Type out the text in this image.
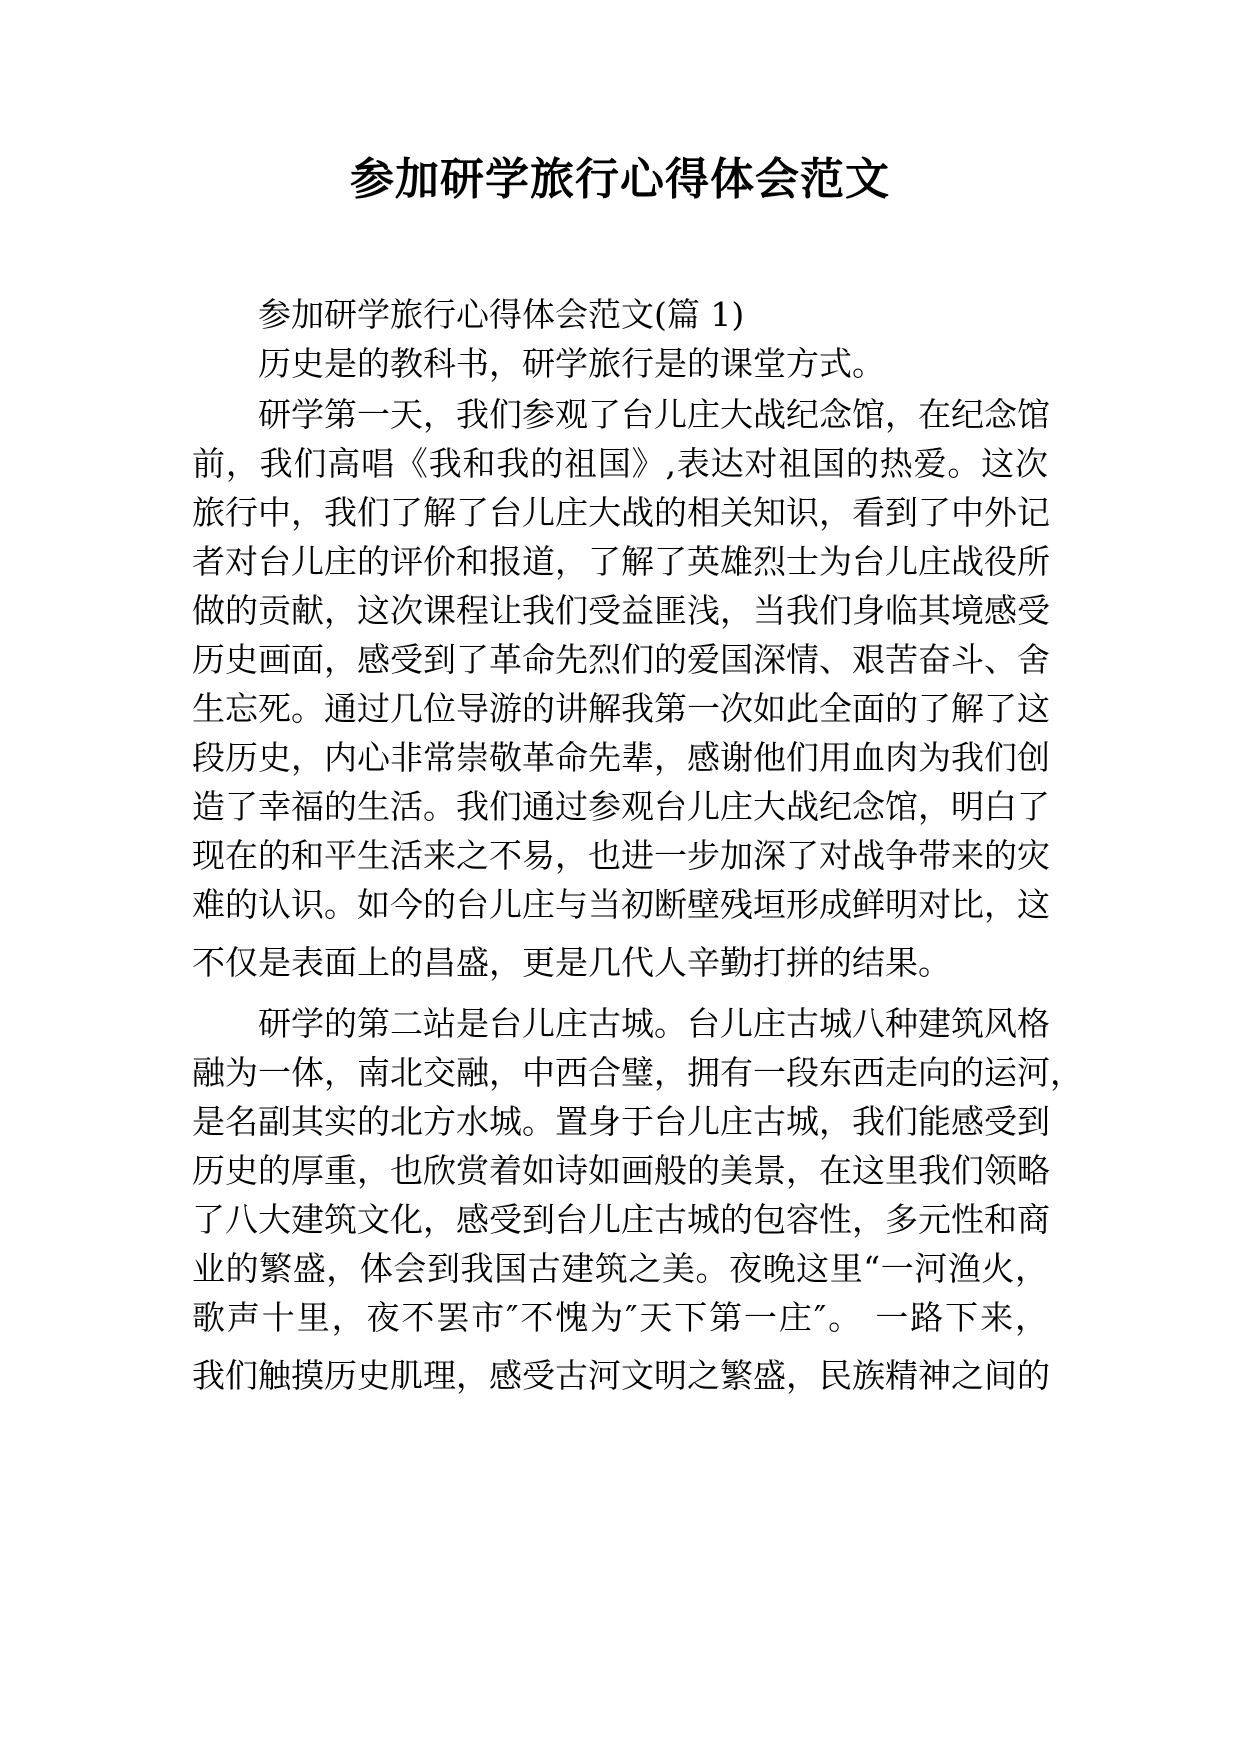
参加研学旅行心得体会范文
参加研学旅行心得体会范文(篇 1)
历史是的教科书，研学旅行是的课堂方式。
研学第一天，我们参观了台儿庄大战纪念馆，在纪念馆
前，我们高唱《我和我的祖国》,表达对祖国的热爱。这次
旅行中，我们了解了台儿庄大战的相关知识，看到了中外记
者对台儿庄的评价和报道，了解了英雄烈士为台儿庄战役所
做的贡献，这次课程让我们受益匪浅，当我们身临其境感受
历史画面，感受到了革命先烈们的爱国深情、艰苦奋斗、舍
生忘死。通过几位导游的讲解我第一次如此全面的了解了这
段历史，内心非常崇敬革命先辈，感谢他们用血肉为我们创
造了幸福的生活。我们通过参观台儿庄大战纪念馆，明白了
现在的和平生活来之不易，也进一步加深了对战争带来的灾
难的认识。如今的台儿庄与当初断壁残垣形成鲜明对比，这
不仅是表面上的昌盛，更是几代人辛勤打拼的结果。
研学的第二站是台儿庄古城。台儿庄古城八种建筑风格
融为一体，南北交融，中西合璧，拥有一段东西走向的运河，
是名副其实的北方水城。置身于台儿庄古城，我们能感受到
历史的厚重，也欣赏着如诗如画般的美景，在这里我们领略
了八大建筑文化，感受到台儿庄古城的包容性，多元性和商
业的繁盛，体会到我国古建筑之美。夜晚这里“一河渔火，
歌声十里，夜不罢市″不愧为″天下第一庄″。 一路下来，
我们触摸历史肌理，感受古河文明之繁盛，民族精神之间的
